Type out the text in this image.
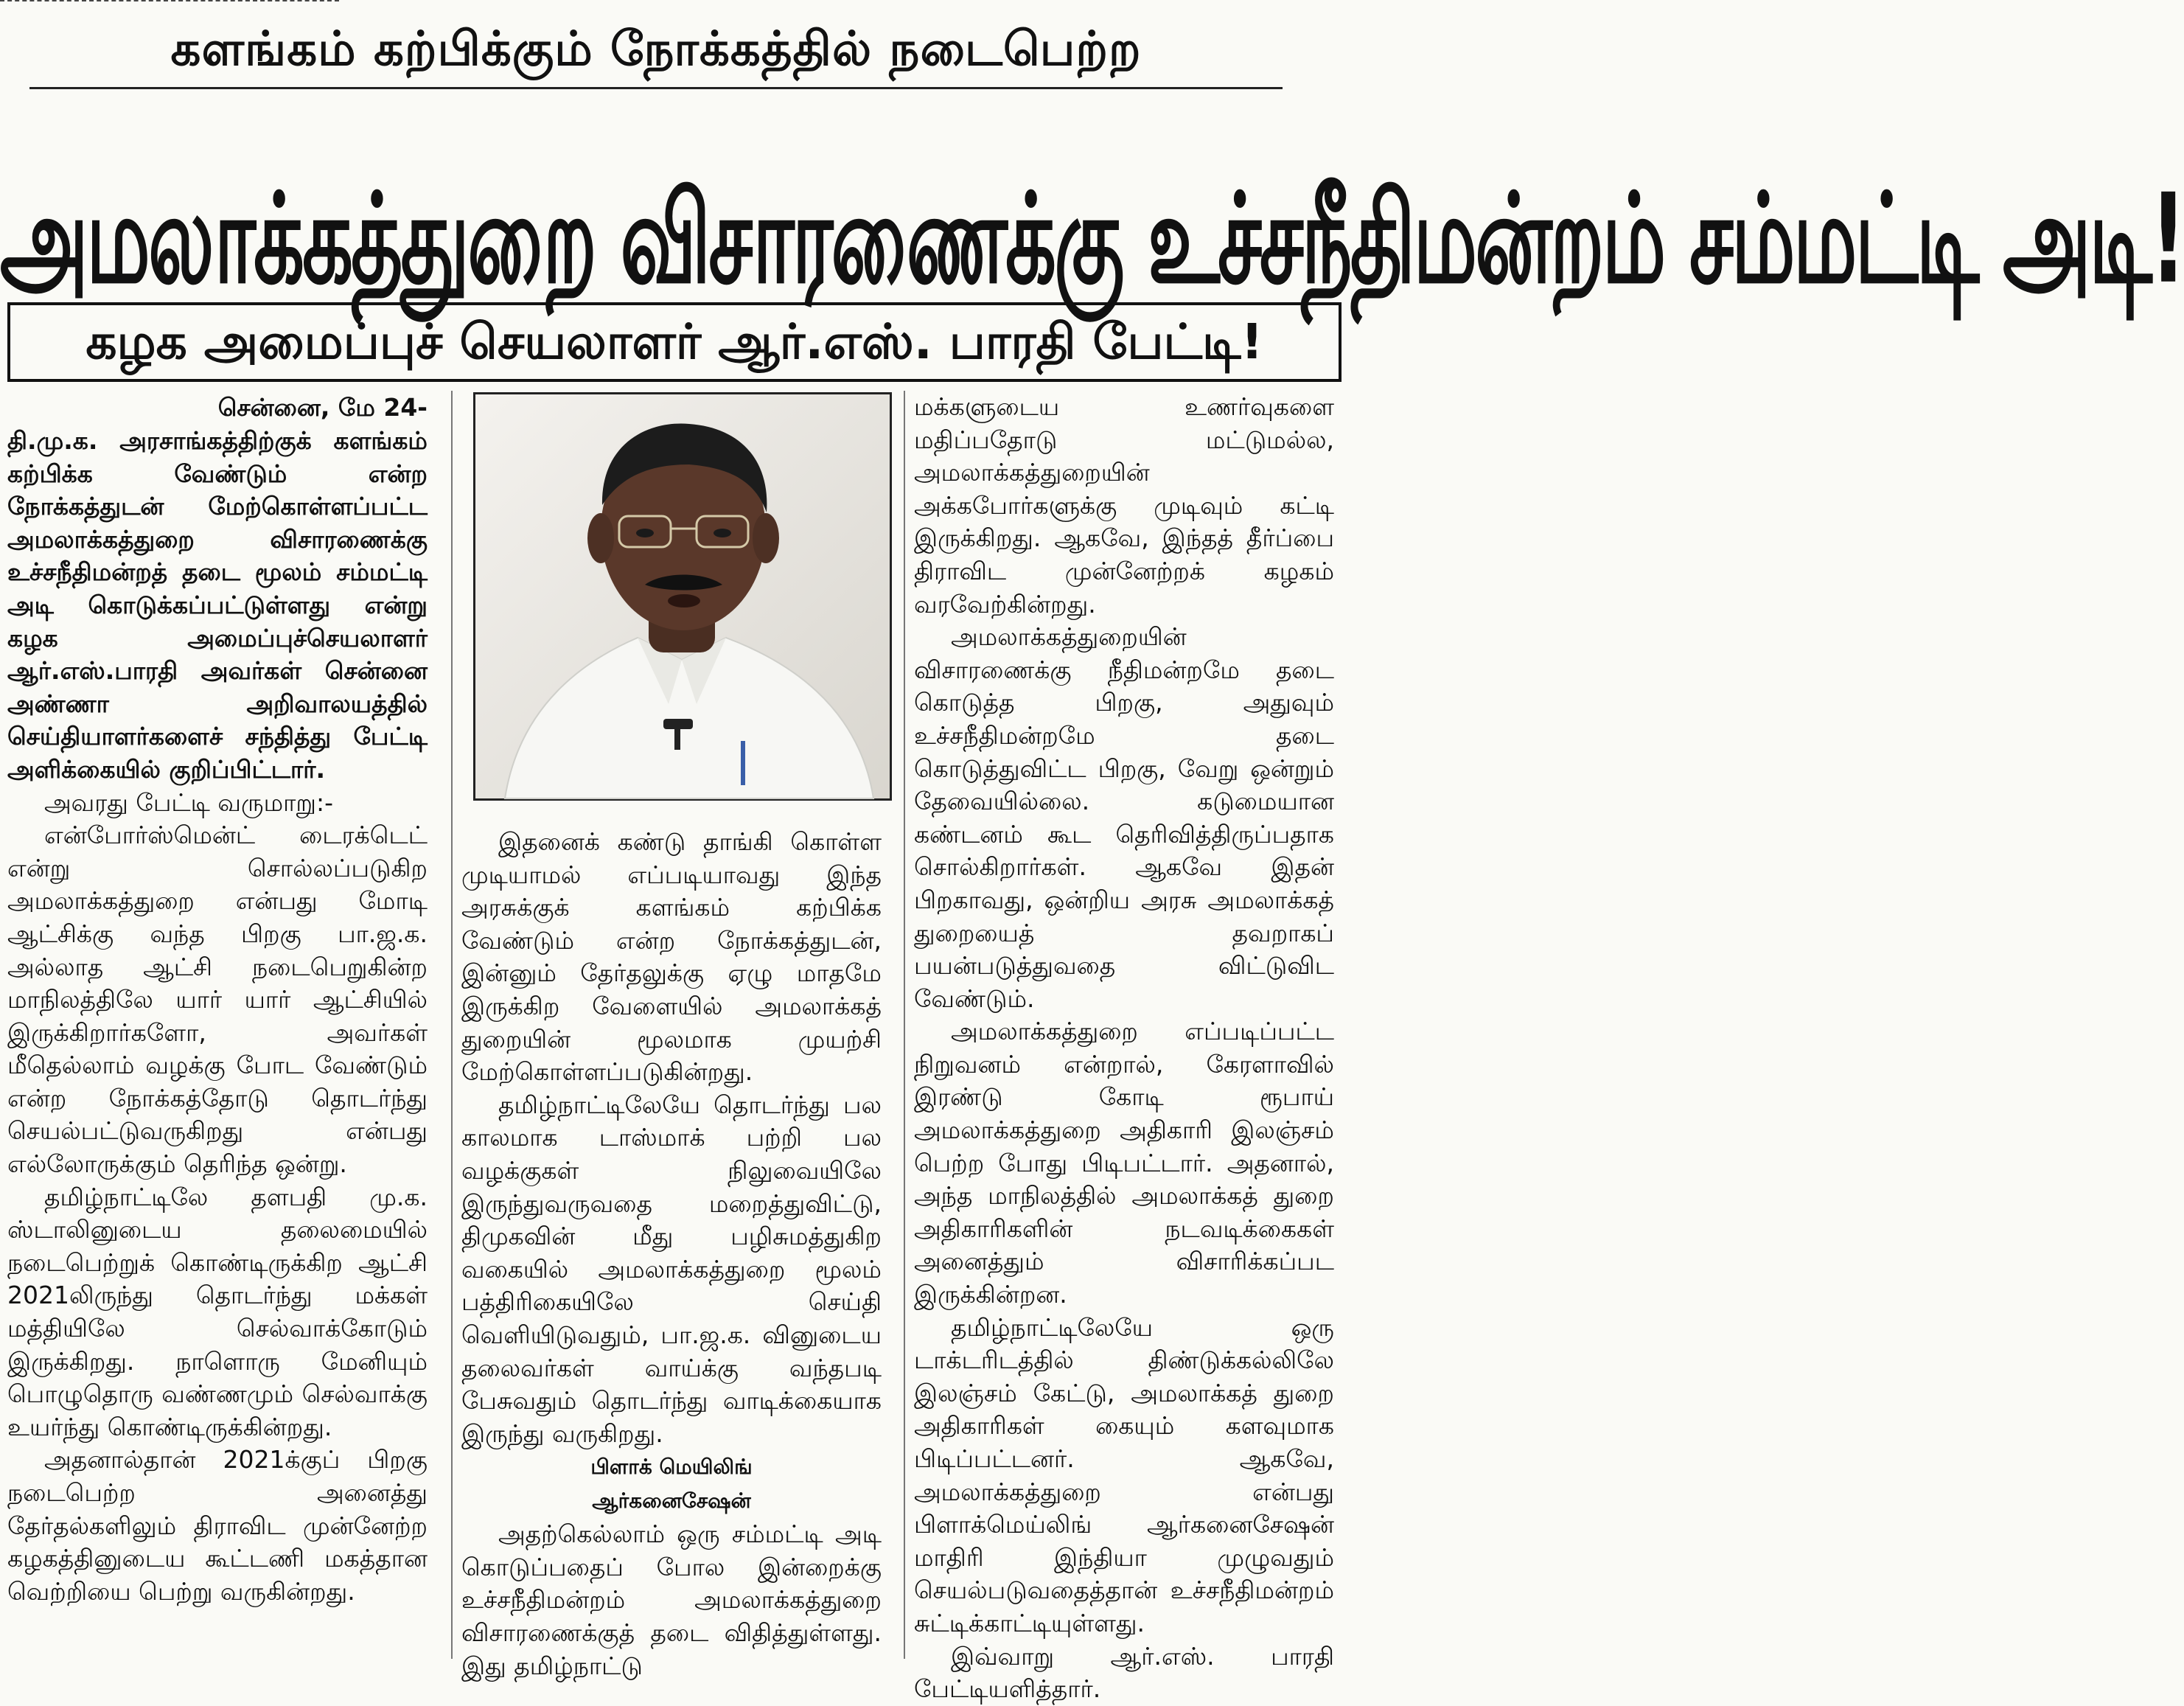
களங்கம் கற்பிக்கும் நோக்கத்தில் நடைபெற்ற
அமலாக்கத்துறை விசாரணைக்கு உச்சநீதிமன்றம் சம்மட்டி அடி!
கழக அமைப்புச் செயலாளர் ஆர்.எஸ். பாரதி பேட்டி!
சென்னை, மே 24-

தி.மு.க. அரசாங்கத்திற்குக் களங்கம் கற்பிக்க வேண்டும் என்ற நோக்கத்துடன் மேற்கொள்ளப்பட்ட அமலாக்கத்துறை விசாரணைக்கு உச்சநீதிமன்றத் தடை மூலம் சம்மட்டி அடி கொடுக்கப்பட்டுள்ளது என்று கழக அமைப்புச்செயலாளர் ஆர்.எஸ்.பாரதி அவர்கள் சென்னை அண்ணா அறிவாலயத்தில் செய்தியாளர்களைச் சந்தித்து பேட்டி அளிக்கையில் குறிப்பிட்டார்.

அவரது பேட்டி வருமாறு:-

என்போர்ஸ்மென்ட் டைரக்டெட் என்று சொல்லப்படுகிற அமலாக்கத்துறை என்பது மோடி ஆட்சிக்கு வந்த பிறகு பா.ஜ.க. அல்லாத ஆட்சி நடைபெறுகின்ற மாநிலத்திலே யார் யார் ஆட்சியில் இருக்கிறார்களோ, அவர்கள் மீதெல்லாம் வழக்கு போட வேண்டும் என்ற நோக்கத்தோடு தொடர்ந்து செயல்பட்டுவருகிறது என்பது எல்லோருக்கும் தெரிந்த ஒன்று.

தமிழ்நாட்டிலே தளபதி மு.க. ஸ்டாலினுடைய தலைமையில் நடைபெற்றுக் கொண்டிருக்கிற ஆட்சி 2021லிருந்து தொடர்ந்து மக்கள் மத்தியிலே செல்வாக்கோடும் இருக்கிறது. நாளொரு மேனியும் பொழுதொரு வண்ணமும் செல்வாக்கு உயர்ந்து கொண்டிருக்கின்றது.

அதனால்தான் 2021க்குப் பிறகு நடைபெற்ற அனைத்து தேர்தல்களிலும் திராவிட முன்னேற்ற கழகத்தினுடைய கூட்டணி மகத்தான வெற்றியை பெற்று வருகின்றது.

இதனைக் கண்டு தாங்கி கொள்ள முடியாமல் எப்படியாவது இந்த அரசுக்குக் களங்கம் கற்பிக்க வேண்டும் என்ற நோக்கத்துடன், இன்னும் தேர்தலுக்கு ஏழு மாதமே இருக்கிற வேளையில் அமலாக்கத் துறையின் மூலமாக முயற்சி மேற்கொள்ளப்படுகின்றது.

தமிழ்நாட்டிலேயே தொடர்ந்து பல காலமாக டாஸ்மாக் பற்றி பல வழக்குகள் நிலுவையிலே இருந்துவருவதை மறைத்துவிட்டு, திமுகவின் மீது பழிசுமத்துகிற வகையில் அமலாக்கத்துறை மூலம் பத்திரிகையிலே செய்தி வெளியிடுவதும், பா.ஜ.க. வினுடைய தலைவர்கள் வாய்க்கு வந்தபடி பேசுவதும் தொடர்ந்து வாடிக்கையாக இருந்து வருகிறது.

பிளாக் மெயிலிங்

ஆர்கனைசேஷன்

அதற்கெல்லாம் ஒரு சம்மட்டி அடி கொடுப்பதைப் போல இன்றைக்கு உச்சநீதிமன்றம் அமலாக்கத்துறை விசாரணைக்குத் தடை விதித்துள்ளது. இது தமிழ்நாட்டு

மக்களுடைய உணர்வுகளை மதிப்பதோடு மட்டுமல்ல, அமலாக்கத்துறையின் அக்கபோர்களுக்கு முடிவும் கட்டி இருக்கிறது. ஆகவே, இந்தத் தீர்ப்பை திராவிட முன்னேற்றக் கழகம் வரவேற்கின்றது.

அமலாக்கத்துறையின் விசாரணைக்கு நீதிமன்றமே தடை கொடுத்த பிறகு, அதுவும் உச்சநீதிமன்றமே தடை கொடுத்துவிட்ட பிறகு, வேறு ஒன்றும் தேவையில்லை. கடுமையான கண்டனம் கூட தெரிவித்திருப்பதாக சொல்கிறார்கள். ஆகவே இதன் பிறகாவது, ஒன்றிய அரசு அமலாக்கத் துறையைத் தவறாகப் பயன்படுத்துவதை விட்டுவிட வேண்டும்.

அமலாக்கத்துறை எப்படிப்பட்ட நிறுவனம் என்றால், கேரளாவில் இரண்டு கோடி ரூபாய் அமலாக்கத்துறை அதிகாரி இலஞ்சம் பெற்ற போது பிடிபட்டார். அதனால், அந்த மாநிலத்தில் அமலாக்கத் துறை அதிகாரிகளின் நடவடிக்கைகள் அனைத்தும் விசாரிக்கப்பட இருக்கின்றன.

தமிழ்நாட்டிலேயே ஒரு டாக்டரிடத்தில் திண்டுக்கல்லிலே இலஞ்சம் கேட்டு, அமலாக்கத் துறை அதிகாரிகள் கையும் களவுமாக பிடிப்பட்டனர். ஆகவே, அமலாக்கத்துறை என்பது பிளாக்மெய்லிங் ஆர்கனைசேஷன் மாதிரி இந்தியா முழுவதும் செயல்படுவதைத்தான் உச்சநீதிமன்றம் சுட்டிக்காட்டியுள்ளது.

இவ்வாறு ஆர்.எஸ். பாரதி பேட்டியளித்தார்.
